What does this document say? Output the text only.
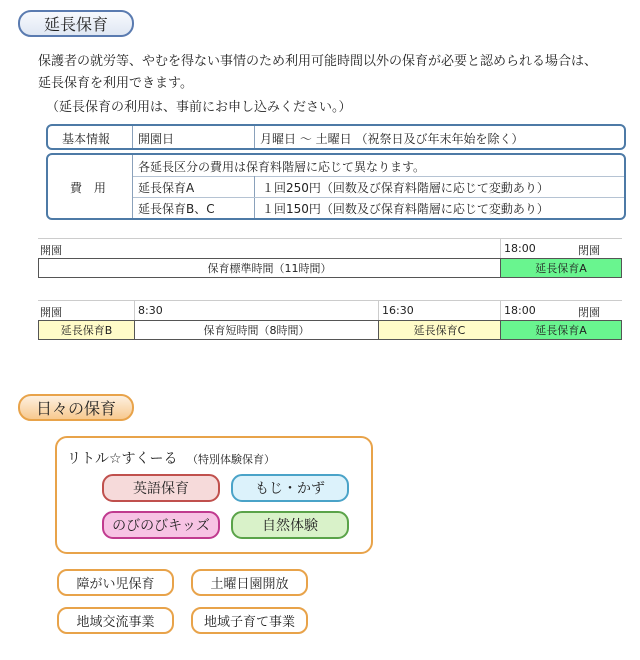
延長保育
保護者の就労等、やむを得ない事情のため利用可能時間以外の保育が必要と認められる場合は、
延長保育を利用できます。
（延長保育の利用は、事前にお申し込みください。）
基本情報 開園日	月曜日 ～ 土曜日 （祝祭日及び年末年始を除く）
費 用
各延長区分の費用は保育料階層に応じて異なります。
延長保育A	１回250円（回数及び保育料階層に応じて変動あり）
延長保育B、C	１回150円（回数及び保育料階層に応じて変動あり）
開園	18:00	閉園
保育標準時間（11時間）	延長保育A
開園	8:30	16:30	18:00	閉園
延長保育B	保育短時間（8時間）	延長保育C	延長保育A
日々の保育
リトル☆すくーる （特別体験保育）
英語保育	もじ・かず
のびのびキッズ	自然体験
障がい児保育	土曜日園開放
地域交流事業	地域子育て事業
